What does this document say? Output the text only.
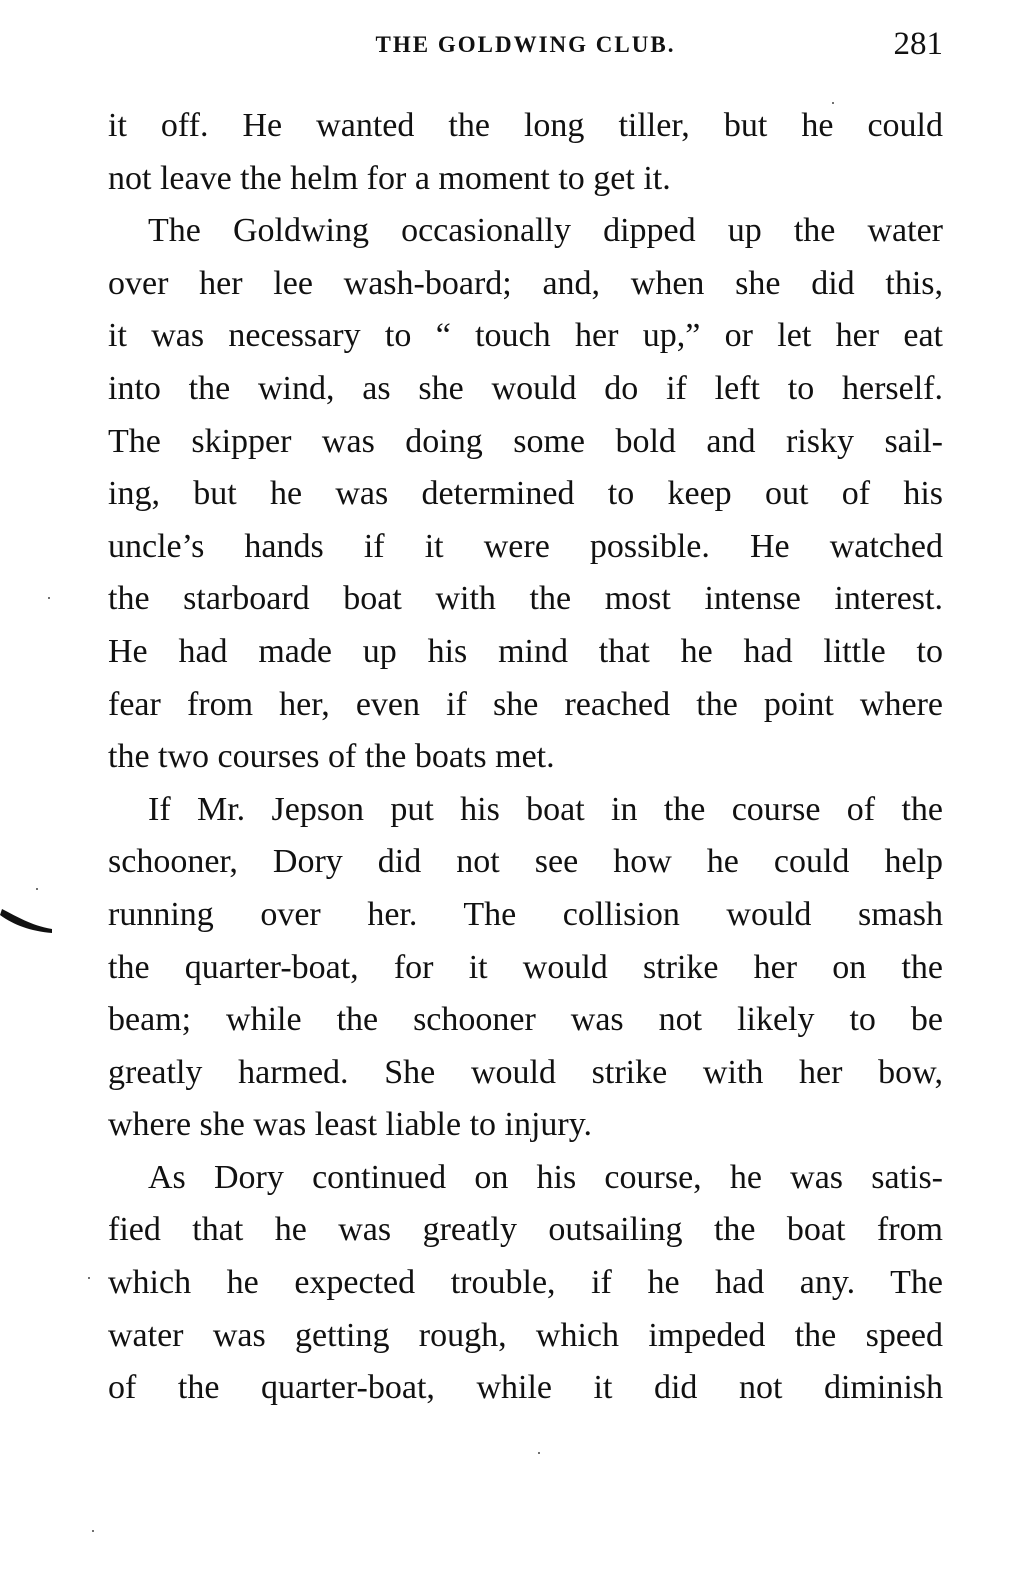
THE GOLDWING CLUB.	281
it off. He wanted the long tiller, but he could
not leave the helm for a moment to get it.
The Goldwing occasionally dipped up the water
over her lee wash-board; and, when she did this,
it was necessary to “ touch her up,” or let her eat
into the wind, as she would do if left to herself.
The skipper was doing some bold and risky sail-
ing, but he was determined to keep out of his
uncle’s hands if it were possible. He watched
the starboard boat with the most intense interest.
He had made up his mind that he had little to
fear from her, even if she reached the point where
the two courses of the boats met.
If Mr. Jepson put his boat in the course of the
schooner, Dory did not see how he could help
running over her. The collision would smash
the quarter-boat, for it would strike her on the
beam; while the schooner was not likely to be
greatly harmed. She would strike with her bow,
where she was least liable to injury.
As Dory continued on his course, he was satis-
fied that he was greatly outsailing the boat from
which he expected trouble, if he had any. The
water was getting rough, which impeded the speed
of the quarter-boat, while it did not diminish
